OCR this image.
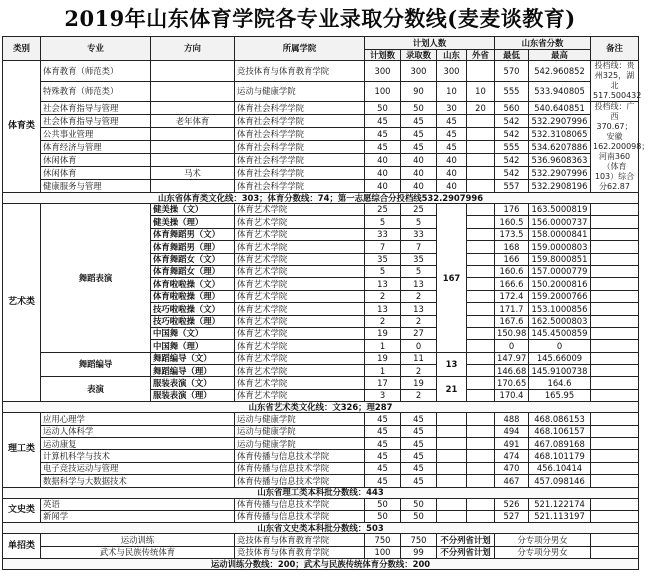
2019年山东体育学院各专业录取分数线(麦麦谈教育)
类别	专业	方向	所属学院	计划人数				山东省分数		备注
				计划数	录取数	山东	外省	最低	最高	
体育类	体育教育（师范类）		竞技体育与体育教育学院	300	300	300		570	542.960852	投档线：贵州325，湖北517.500432
	特殊教育（师范类）		运动与健康学院	100	90	10	10	555	533.940805	
	社会体育指导与管理		体育社会科学学院	50	50	30	20	560	540.640851	投档线：广西370.67；安徽162.200098；河南360（体育103）综合分62.87
	社会体育指导与管理	老年体育	体育社会科学学院	45	45	45		542	532.2907996	
	公共事业管理		体育社会科学学院	45	45	45		542	532.3108065	
	体育经济与管理		体育社会科学学院	45	45	45		555	534.6207886	
	休闲体育		体育社会科学学院	40	40	40		542	536.9608363	
	休闲体育	马术	体育社会科学学院	40	40	40		542	532.2907996	
	健康服务与管理		体育社会科学学院	40	40	40		557	532.2908196	
山东省体育类文化线：303；体育分数线：74；第一志愿综合分投档线532.2907996										
艺术类	舞蹈表演	健美操（文）	体育艺术学院	25	25	167		176	163.5000819	
		健美操（理）	体育艺术学院	5	5			160.5	156.0000737	
		体育舞蹈男（文）	体育艺术学院	33	33			173.5	158.0000841	
		体育舞蹈男（理）	体育艺术学院	7	7			168	159.0000803	
		体育舞蹈女（文）	体育艺术学院	35	35			166	159.8000851	
		体育舞蹈女（理）	体育艺术学院	5	5			160.6	157.0000779	
		体育啦啦操（文）	体育艺术学院	13	13			166.6	150.2000816	
		体育啦啦操（理）	体育艺术学院	2	2			172.4	159.2000766	
		技巧啦啦操（文）	体育艺术学院	13	13			171.7	153.1000856	
		技巧啦啦操（理）	体育艺术学院	2	2			167.6	162.5000803	
		中国舞（文）	体育艺术学院	19	27			150.98	145.4500859	
		中国舞（理）	体育艺术学院	1	0			0	0	
	舞蹈编导	舞蹈编导（文）	体育艺术学院	19	11	13		147.97	145.66009	
		舞蹈编导（理）	体育艺术学院	1	2			146.68	145.9100738	
	表演	服装表演（文）	体育艺术学院	17	19	21		170.65	164.6	
		服装表演（理）	体育艺术学院	3	2			170.4	165.95	
山东省艺术类文化线：文326；理287										
理工类	应用心理学		运动与健康学院	45	45			488	468.086153	
	运动人体科学		运动与健康学院	45	45			494	468.106157	
	运动康复		运动与健康学院	45	45			491	467.089168	
	计算机科学与技术		体育传播与信息技术学院	45	45			474	468.101179	
	电子竞技运动与管理		体育传播与信息技术学院	45	45			470	456.10414	
	数据科学与大数据技术		体育传播与信息技术学院	45	45			467	457.098146	
山东省理工类本科批分数线：443										
文史类	英语		体育传播与信息技术学院	50	50			526	521.122174	
	新闻学		体育传播与信息技术学院	50	50			527	521.113197	
山东省文史类本科批分数线：503										
单招类	运动训练		竞技体育与体育教育学院	750	750	不分列省计划		分专项分男女		
	武术与民族传统体育		竞技体育与体育教育学院	100	99	不分列省计划		分专项分男女		
运动训练分数线：200；武术与民族传统体育分数线：200										
